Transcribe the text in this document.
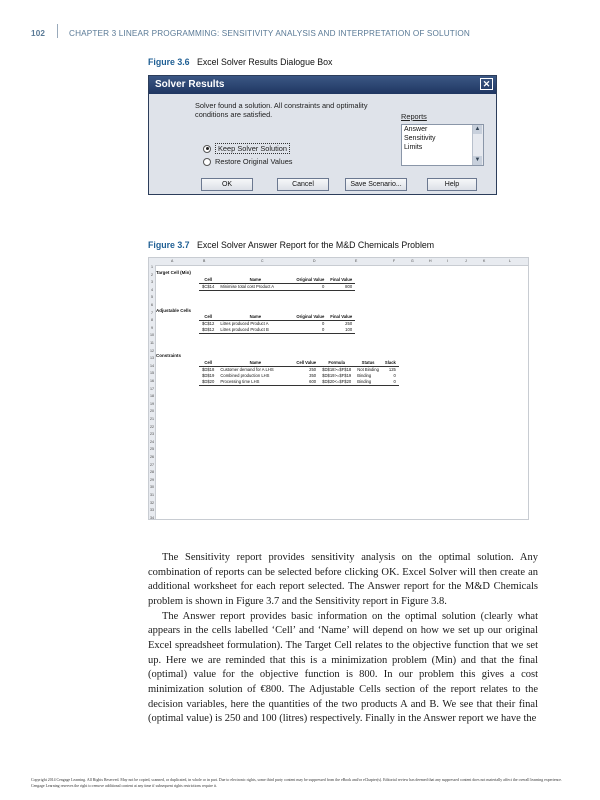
102	CHAPTER 3 LINEAR PROGRAMMING: SENSITIVITY ANALYSIS AND INTERPRETATION OF SOLUTION
Figure 3.6 Excel Solver Results Dialogue Box
Solver Results	✕
Solver found a solution. All constraints and optimality
conditions are satisfied.	Reports
Answer
Sensitivity
Limits
▲
▼
Keep Solver Solution
Restore Original Values
OK	Cancel	Save Scenario...	Help
Figure 3.7 Excel Solver Answer Report for the M&D Chemicals Problem
A	B	C	D	E	F	G	H	I	J	K	L
1
2
3
4
5
6
7
8
9
10
11
12
13
14
15
16
17
18
19
20
21
22
23
24
25
26
27
28
29
30
31
32
33
34
Target Cell (Min)
Cell	Name	Original Value	Final Value
$C$14	Minimise total cost Product A	0	800
Adjustable Cells
Cell	Name	Original Value	Final Value
$C$12	Litres produced Product A	0	250
$D$12	Litres produced Product B	0	100
Constraints
Cell	Name	Cell Value	Formula	Status	Slack
$D$18	Customer demand for A LHS	250	$D$18>=$F$18	Not Binding	125
$D$19	Combined production LHS	350	$D$19>=$F$19	Binding	0
$D$20	Processing time LHS	600	$D$20<=$F$20	Binding	0

The Sensitivity report provides sensitivity analysis on the optimal solution. Any combination of reports can be selected before clicking OK. Excel Solver will then create an additional worksheet for each report selected. The Answer report for the M&D Chemicals problem is shown in Figure 3.7 and the Sensitivity report in Figure 3.8.

The Answer report provides basic information on the optimal solution (clearly what appears in the cells labelled ‘Cell’ and ‘Name’ will depend on how we set up our original Excel spreadsheet formulation). The Target Cell relates to the objective function that we set up. Here we are reminded that this is a minimization problem (Min) and that the final (optimal) value for the objective function is 800. In our problem this gives a cost minimization solution of €800. The Adjustable Cells section of the report relates to the decision variables, here the quantities of the two products A and B. We see that their final (optimal value) is 250 and 100 (litres) respectively. Finally in the Answer report we have the

Copyright 2014 Cengage Learning. All Rights Reserved. May not be copied, scanned, or duplicated, in whole or in part. Due to electronic rights, some third party content may be suppressed from the eBook and/or eChapter(s). Editorial review has deemed that any suppressed content does not materially affect the overall learning experience. Cengage Learning reserves the right to remove additional content at any time if subsequent rights restrictions require it.
